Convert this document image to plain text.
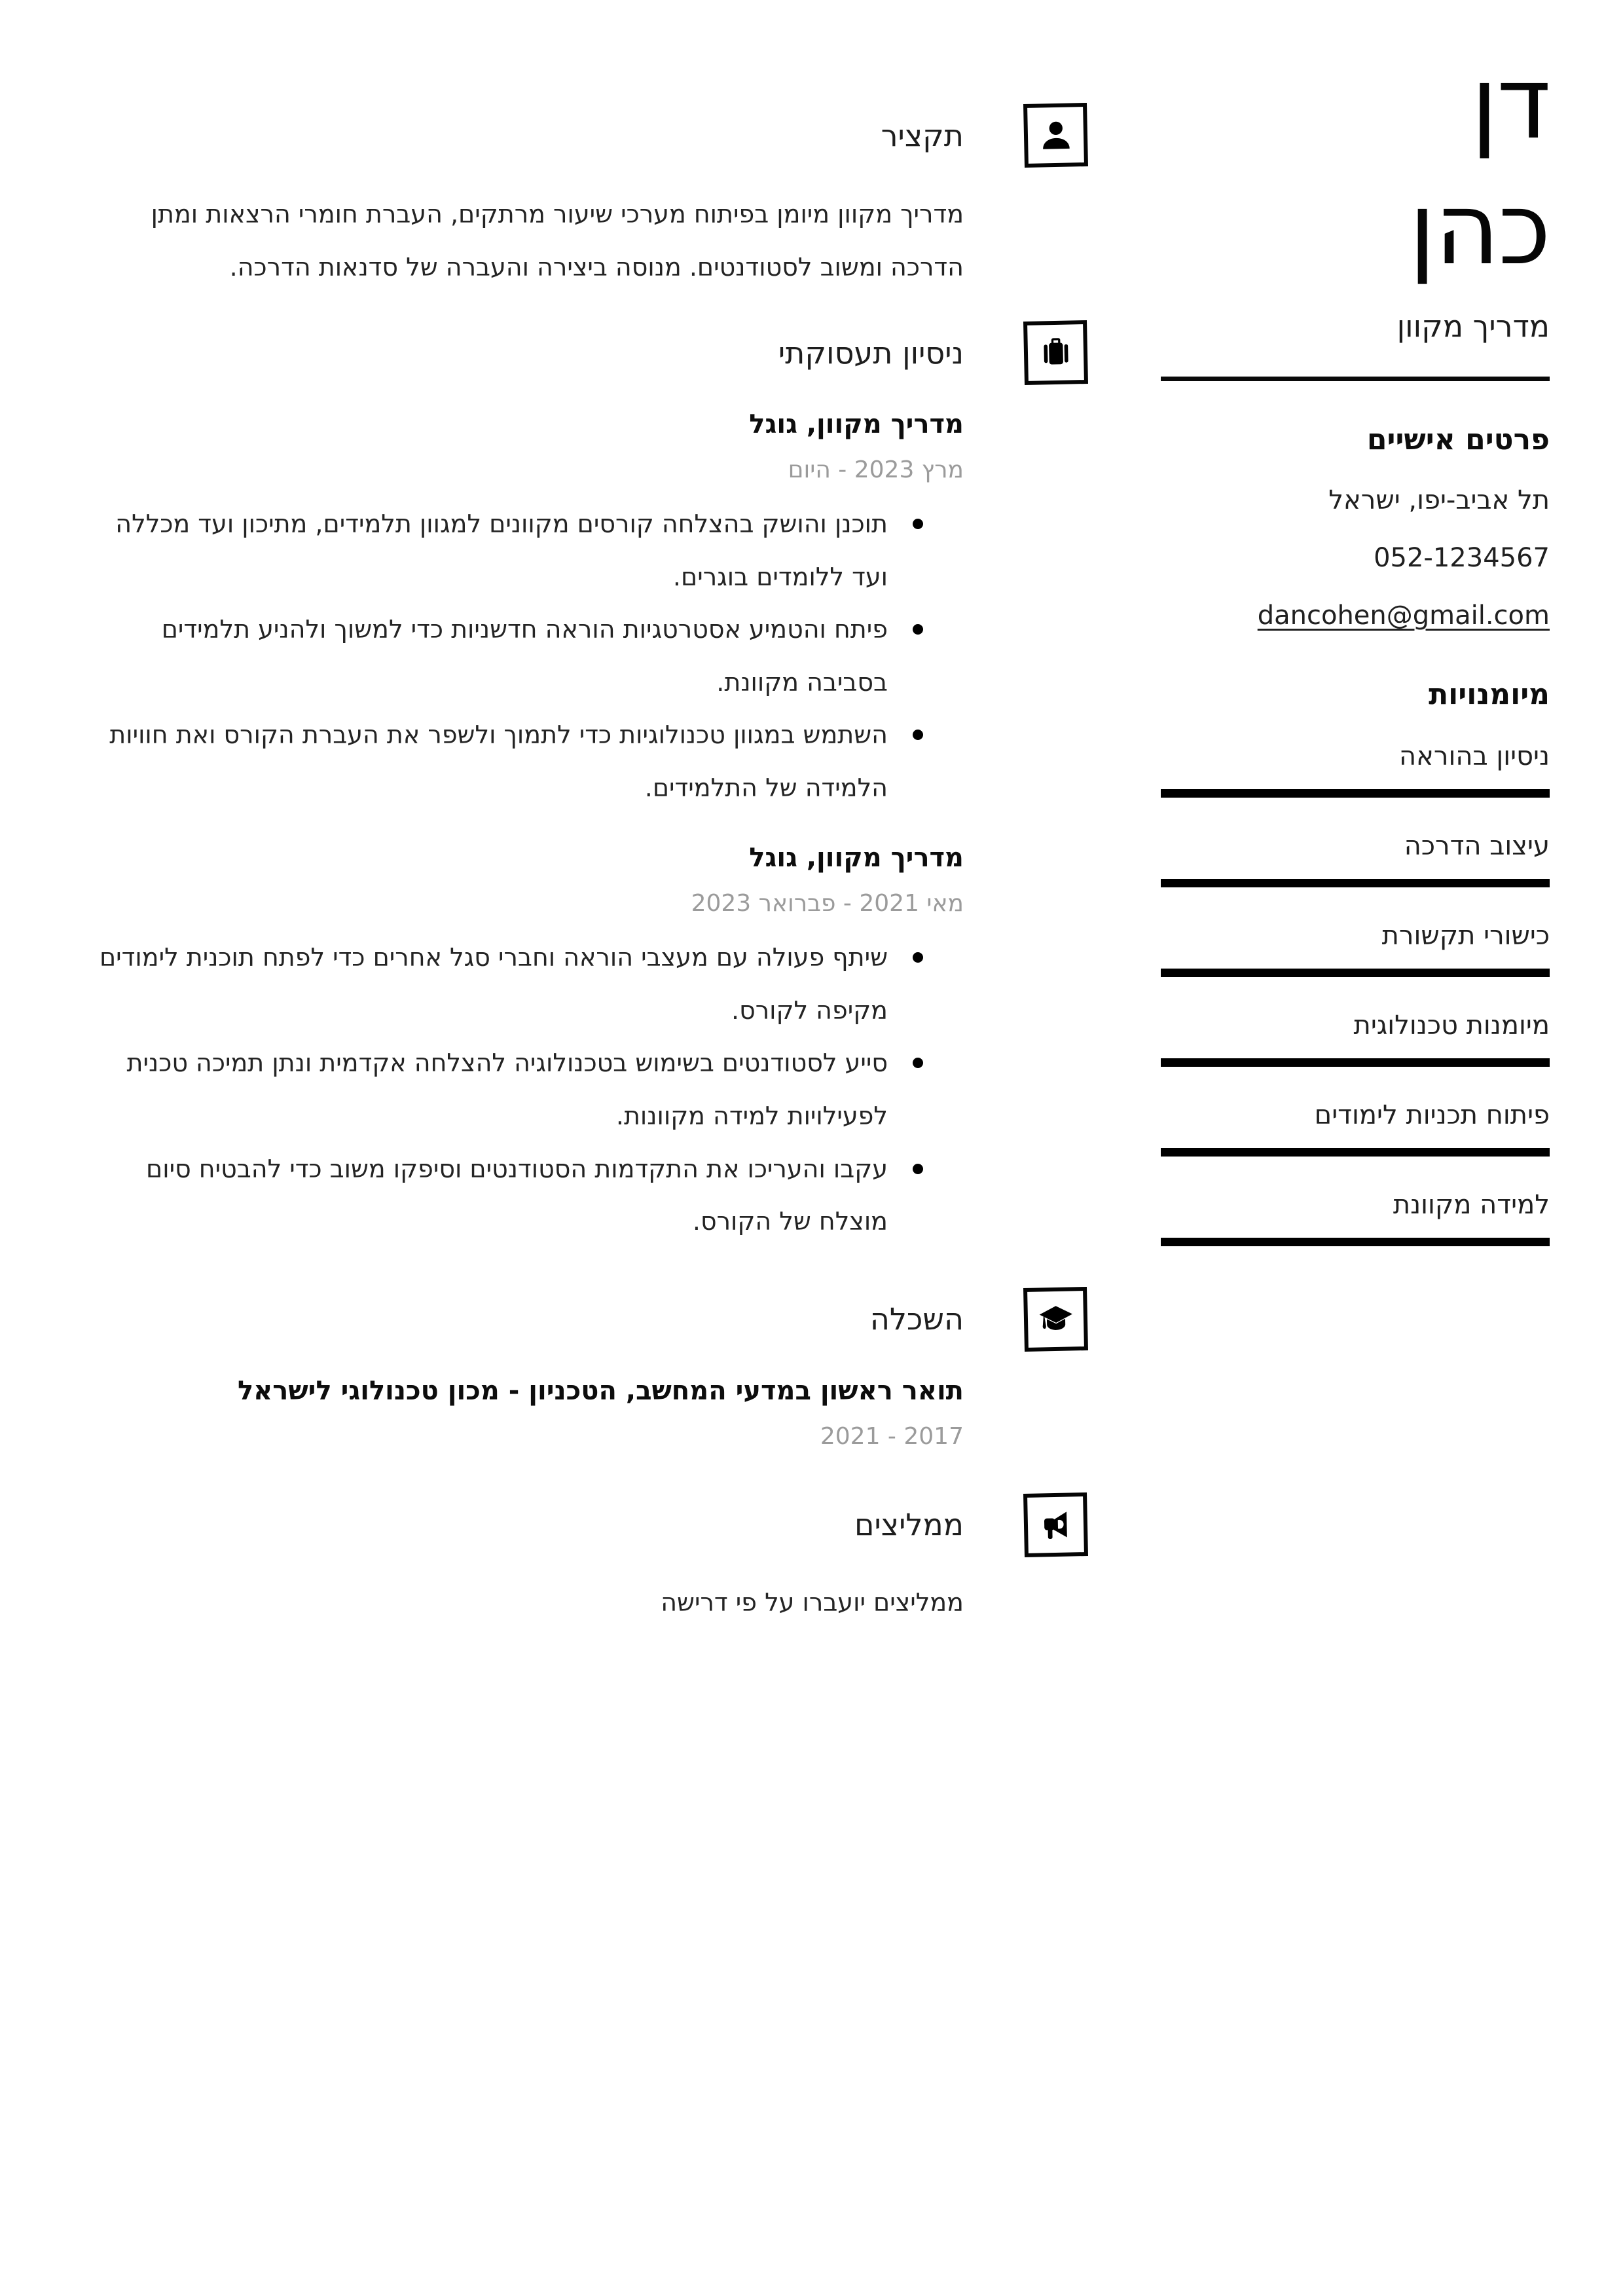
דן
כהן
מדריך מקוון
פרטים אישיים
תל אביב-יפו, ישראל
052-1234567
dancohen@gmail.com
מיומנויות
ניסיון בהוראה
עיצוב הדרכה
כישורי תקשורת
מיומנות טכנולוגית
פיתוח תכניות לימודים
למידה מקוונת
תקציר

מדריך מקוון מיומן בפיתוח מערכי שיעור מרתקים, העברת חומרי הרצאות ומתן הדרכה ומשוב לסטודנטים. מנוסה ביצירה והעברה של סדנאות הדרכה.

ניסיון תעסוקתי
מדריך מקוון, גוגל
מרץ 2023 - היום
תוכנן והושק בהצלחה קורסים מקוונים למגוון תלמידים, מתיכון ועד מכללה ועד ללומדים בוגרים.
פיתח והטמיע אסטרטגיות הוראה חדשניות כדי למשוך ולהניע תלמידים בסביבה מקוונת.
השתמש במגוון טכנולוגיות כדי לתמוך ולשפר את העברת הקורס ואת חוויות הלמידה של התלמידים.
מדריך מקוון, גוגל
מאי 2021 - פברואר 2023
שיתף פעולה עם מעצבי הוראה וחברי סגל אחרים כדי לפתח תוכנית לימודים מקיפה לקורס.
סייע לסטודנטים בשימוש בטכנולוגיה להצלחה אקדמית ונתן תמיכה טכנית לפעילויות למידה מקוונות.
עקבו והעריכו את התקדמות הסטודנטים וסיפקו משוב כדי להבטיח סיום מוצלח של הקורס.
השכלה
תואר ראשון במדעי המחשב, הטכניון - מכון טכנולוגי לישראל
2017 - 2021
ממליצים
ממליצים יועברו על פי דרישה
